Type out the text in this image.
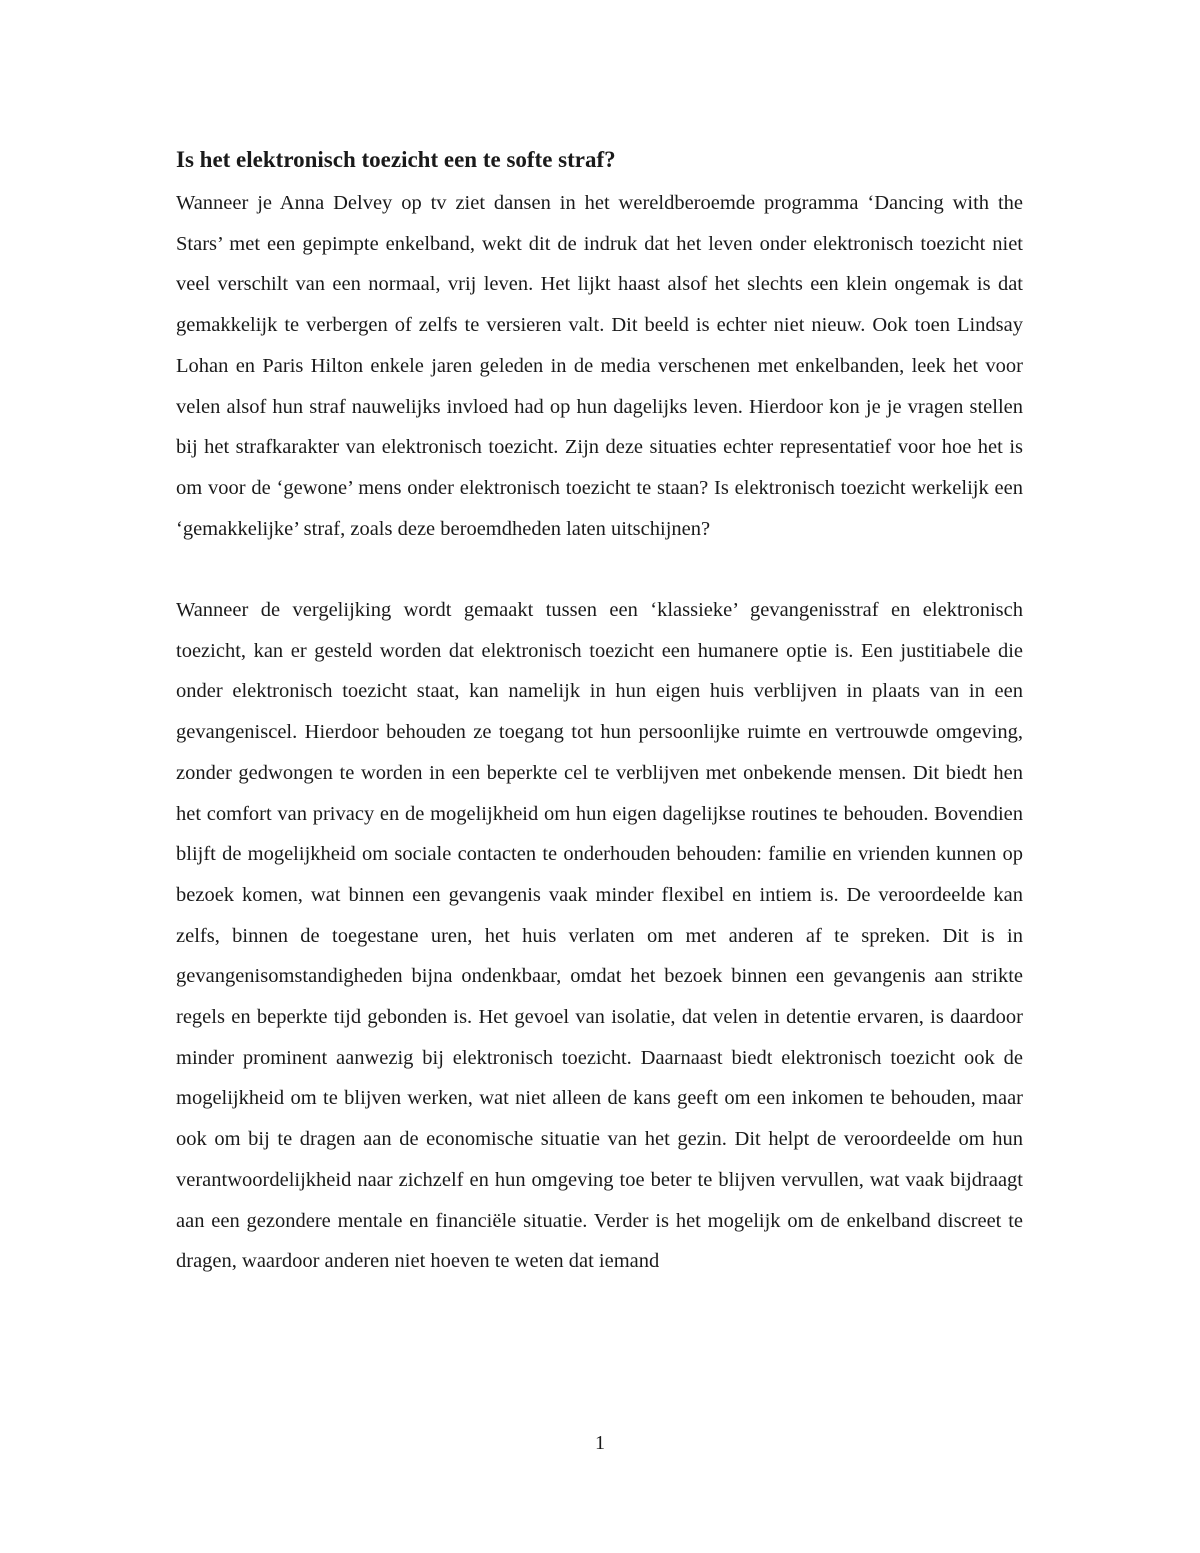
Is het elektronisch toezicht een te softe straf?

Wanneer je Anna Delvey op tv ziet dansen in het wereldberoemde programma ‘Dancing with the Stars’ met een gepimpte enkelband, wekt dit de indruk dat het leven onder elektronisch toezicht niet veel verschilt van een normaal, vrij leven. Het lijkt haast alsof het slechts een klein ongemak is dat gemakkelijk te verbergen of zelfs te versieren valt. Dit beeld is echter niet nieuw. Ook toen Lindsay Lohan en Paris Hilton enkele jaren geleden in de media verschenen met enkelbanden, leek het voor velen alsof hun straf nauwelijks invloed had op hun dagelijks leven. Hierdoor kon je je vragen stellen bij het strafkarakter van elektronisch toezicht. Zijn deze situaties echter representatief voor hoe het is om voor de ‘gewone’ mens onder elektronisch toezicht te staan? Is elektronisch toezicht werkelijk een ‘gemakkelijke’ straf, zoals deze beroemdheden laten uitschijnen?

Wanneer de vergelijking wordt gemaakt tussen een ‘klassieke’ gevangenisstraf en elektronisch toezicht, kan er gesteld worden dat elektronisch toezicht een humanere optie is. Een justitiabele die onder elektronisch toezicht staat, kan namelijk in hun eigen huis verblijven in plaats van in een gevangeniscel. Hierdoor behouden ze toegang tot hun persoonlijke ruimte en vertrouwde omgeving, zonder gedwongen te worden in een beperkte cel te verblijven met onbekende mensen. Dit biedt hen het comfort van privacy en de mogelijkheid om hun eigen dagelijkse routines te behouden. Bovendien blijft de mogelijkheid om sociale contacten te onderhouden behouden: familie en vrienden kunnen op bezoek komen, wat binnen een gevangenis vaak minder flexibel en intiem is. De veroordeelde kan zelfs, binnen de toegestane uren, het huis verlaten om met anderen af te spreken. Dit is in gevangenisomstandigheden bijna ondenkbaar, omdat het bezoek binnen een gevangenis aan strikte regels en beperkte tijd gebonden is. Het gevoel van isolatie, dat velen in detentie ervaren, is daardoor minder prominent aanwezig bij elektronisch toezicht. Daarnaast biedt elektronisch toezicht ook de mogelijkheid om te blijven werken, wat niet alleen de kans geeft om een inkomen te behouden, maar ook om bij te dragen aan de economische situatie van het gezin. Dit helpt de veroordeelde om hun verantwoordelijkheid naar zichzelf en hun omgeving toe beter te blijven vervullen, wat vaak bijdraagt aan een gezondere mentale en financiële situatie. Verder is het mogelijk om de enkelband discreet te dragen, waardoor anderen niet hoeven te weten dat iemand

1
